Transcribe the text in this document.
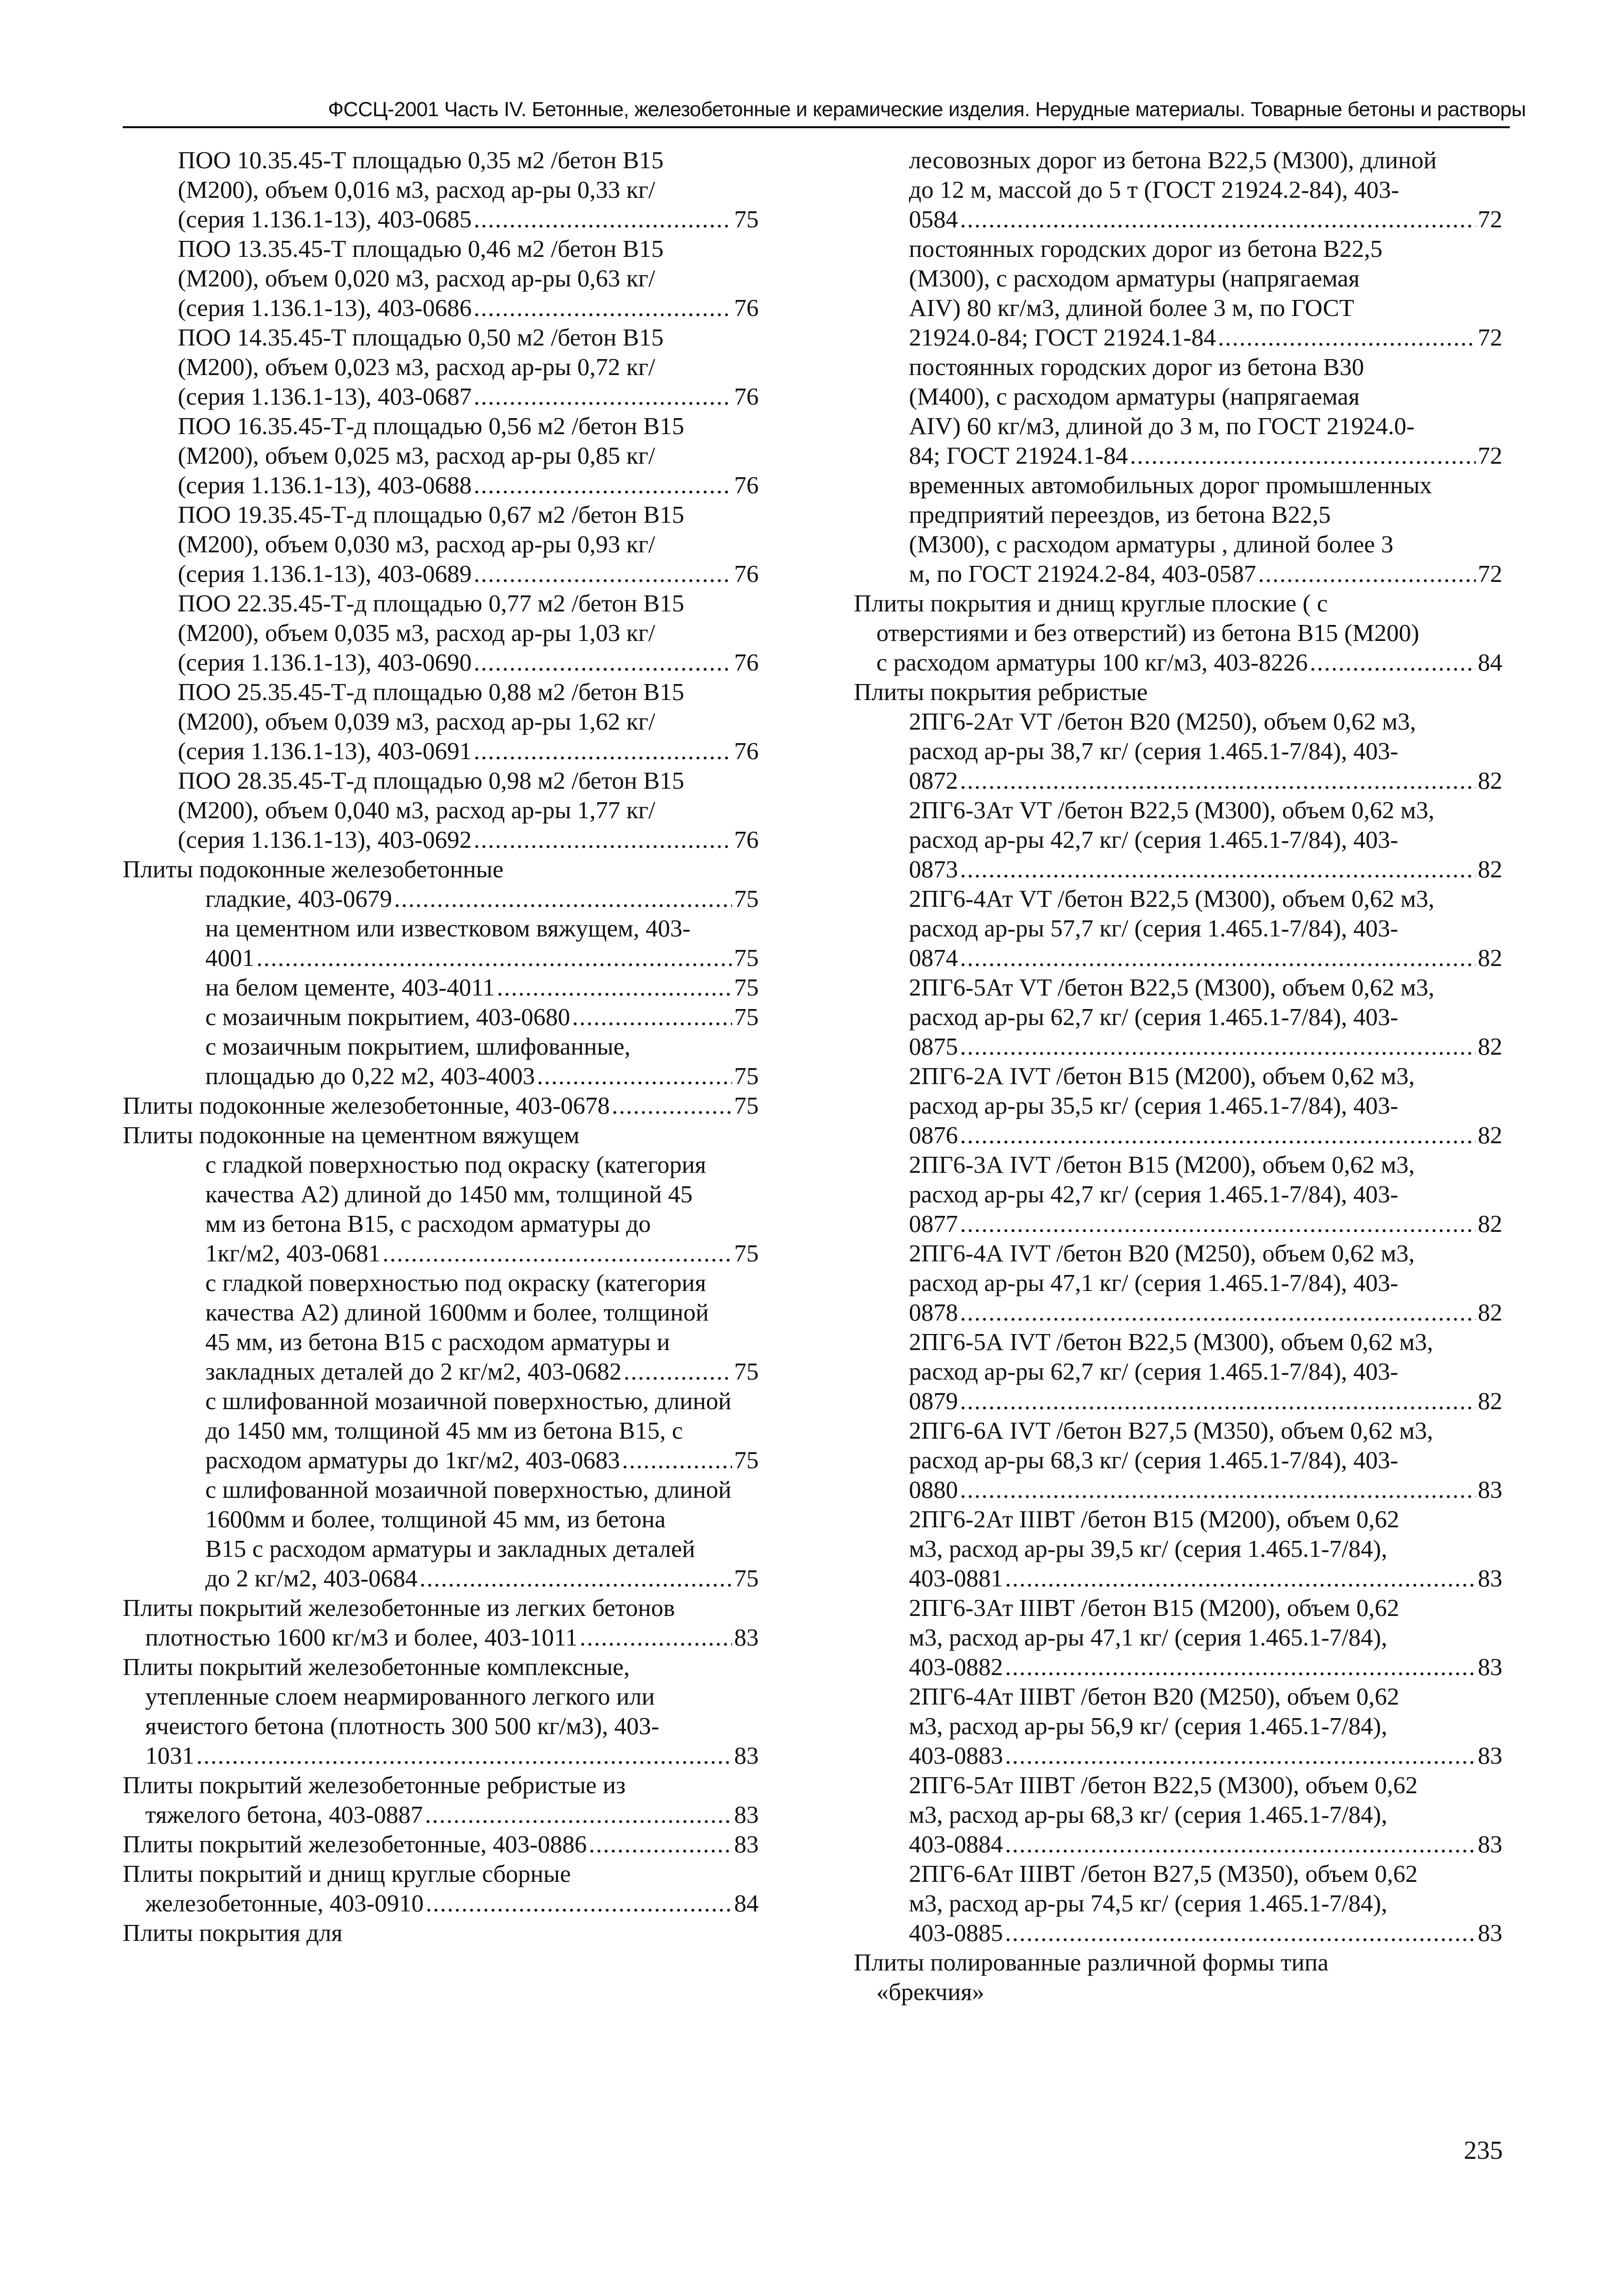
ФССЦ-2001 Часть IV. Бетонные, железобетонные и керамические изделия. Нерудные материалы. Товарные бетоны и растворы
ПОО 10.35.45-Т площадью 0,35 м2 /бетон В15
(М200), объем 0,016 м3, расход ар-ры 0,33 кг/
(серия 1.136.1-13), 403-0685 .....	75
ПОО 13.35.45-Т площадью 0,46 м2 /бетон В15
(М200), объем 0,020 м3, расход ар-ры 0,63 кг/
(серия 1.136.1-13), 403-0686 .....	76
ПОО 14.35.45-Т площадью 0,50 м2 /бетон В15
(М200), объем 0,023 м3, расход ар-ры 0,72 кг/
(серия 1.136.1-13), 403-0687 .....	76
ПОО 16.35.45-Т-д площадью 0,56 м2 /бетон В15
(М200), объем 0,025 м3, расход ар-ры 0,85 кг/
(серия 1.136.1-13), 403-0688 .....	76
ПОО 19.35.45-Т-д площадью 0,67 м2 /бетон В15
(М200), объем 0,030 м3, расход ар-ры 0,93 кг/
(серия 1.136.1-13), 403-0689 .....	76
ПОО 22.35.45-Т-д площадью 0,77 м2 /бетон В15
(М200), объем 0,035 м3, расход ар-ры 1,03 кг/
(серия 1.136.1-13), 403-0690 .....	76
ПОО 25.35.45-Т-д площадью 0,88 м2 /бетон В15
(М200), объем 0,039 м3, расход ар-ры 1,62 кг/
(серия 1.136.1-13), 403-0691 .....	76
ПОО 28.35.45-Т-д площадью 0,98 м2 /бетон В15
(М200), объем 0,040 м3, расход ар-ры 1,77 кг/
(серия 1.136.1-13), 403-0692 .....	76
Плиты подоконные железобетонные
гладкие, 403-0679 .....	75
на цементном или известковом вяжущем, 403-
4001 .....	75
на белом цементе, 403-4011 .....	75
с мозаичным покрытием, 403-0680 .....	75
с мозаичным покрытием, шлифованные,
площадью до 0,22 м2, 403-4003 .....	75
Плиты подоконные железобетонные, 403-0678 .....	75
Плиты подоконные на цементном вяжущем
с гладкой поверхностью под окраску (категория
качества А2) длиной до 1450 мм, толщиной 45
мм из бетона В15, с расходом арматуры до
1кг/м2, 403-0681 .....	75
с гладкой поверхностью под окраску (категория
качества А2) длиной 1600мм и более, толщиной
45 мм, из бетона В15 с расходом арматуры и
закладных деталей до 2 кг/м2, 403-0682 .....	75
с шлифованной мозаичной поверхностью, длиной
до 1450 мм, толщиной 45 мм из бетона В15, с
расходом арматуры до 1кг/м2, 403-0683 .....	75
с шлифованной мозаичной поверхностью, длиной
1600мм и более, толщиной 45 мм, из бетона
В15 с расходом арматуры и закладных деталей
до 2 кг/м2, 403-0684 .....	75
Плиты покрытий железобетонные из легких бетонов
плотностью 1600 кг/м3 и более, 403-1011 .....	83
Плиты покрытий железобетонные комплексные,
утепленные слоем неармированного легкого или
ячеистого бетона (плотность 300 500 кг/м3), 403-
1031 .....	83
Плиты покрытий железобетонные ребристые из
тяжелого бетона, 403-0887 .....	83
Плиты покрытий железобетонные, 403-0886 .....	83
Плиты покрытий и днищ круглые сборные
железобетонные, 403-0910 .....	84
Плиты покрытия для
лесовозных дорог из бетона В22,5 (М300), длиной
до 12 м, массой до 5 т (ГОСТ 21924.2-84), 403-
0584 .....	72
постоянных городских дорог из бетона В22,5
(М300), с расходом арматуры (напрягаемая
AIV) 80 кг/м3, длиной более 3 м, по ГОСТ
21924.0-84; ГОСТ 21924.1-84 .....	72
постоянных городских дорог из бетона В30
(М400), с расходом арматуры (напрягаемая
AIV) 60 кг/м3, длиной до 3 м, по ГОСТ 21924.0-
84; ГОСТ 21924.1-84 .....	72
временных автомобильных дорог промышленных
предприятий переездов, из бетона В22,5
(М300), с расходом арматуры , длиной более 3
м, по ГОСТ 21924.2-84, 403-0587 .....	72
Плиты покрытия и днищ круглые плоские ( с
отверстиями и без отверстий) из бетона В15 (М200)
с расходом арматуры 100 кг/м3, 403-8226 .....	84
Плиты покрытия ребристые
2ПГ6-2Ат VT /бетон В20 (М250), объем 0,62 м3,
расход ар-ры 38,7 кг/ (серия 1.465.1-7/84), 403-
0872 .....	82
2ПГ6-3Ат VT /бетон В22,5 (М300), объем 0,62 м3,
расход ар-ры 42,7 кг/ (серия 1.465.1-7/84), 403-
0873 .....	82
2ПГ6-4Ат VT /бетон В22,5 (М300), объем 0,62 м3,
расход ар-ры 57,7 кг/ (серия 1.465.1-7/84), 403-
0874 .....	82
2ПГ6-5Ат VT /бетон В22,5 (М300), объем 0,62 м3,
расход ар-ры 62,7 кг/ (серия 1.465.1-7/84), 403-
0875 .....	82
2ПГ6-2А IVT /бетон В15 (М200), объем 0,62 м3,
расход ар-ры 35,5 кг/ (серия 1.465.1-7/84), 403-
0876 .....	82
2ПГ6-3А IVT /бетон В15 (М200), объем 0,62 м3,
расход ар-ры 42,7 кг/ (серия 1.465.1-7/84), 403-
0877 .....	82
2ПГ6-4А IVT /бетон В20 (М250), объем 0,62 м3,
расход ар-ры 47,1 кг/ (серия 1.465.1-7/84), 403-
0878 .....	82
2ПГ6-5А IVT /бетон В22,5 (М300), объем 0,62 м3,
расход ар-ры 62,7 кг/ (серия 1.465.1-7/84), 403-
0879 .....	82
2ПГ6-6А IVT /бетон В27,5 (М350), объем 0,62 м3,
расход ар-ры 68,3 кг/ (серия 1.465.1-7/84), 403-
0880 .....	83
2ПГ6-2Ат IIIВТ /бетон В15 (М200), объем 0,62
м3, расход ар-ры 39,5 кг/ (серия 1.465.1-7/84),
403-0881 .....	83
2ПГ6-3Ат IIIВТ /бетон В15 (М200), объем 0,62
м3, расход ар-ры 47,1 кг/ (серия 1.465.1-7/84),
403-0882 .....	83
2ПГ6-4Ат IIIВТ /бетон В20 (М250), объем 0,62
м3, расход ар-ры 56,9 кг/ (серия 1.465.1-7/84),
403-0883 .....	83
2ПГ6-5Ат IIIВТ /бетон В22,5 (М300), объем 0,62
м3, расход ар-ры 68,3 кг/ (серия 1.465.1-7/84),
403-0884 .....	83
2ПГ6-6Ат IIIВТ /бетон В27,5 (М350), объем 0,62
м3, расход ар-ры 74,5 кг/ (серия 1.465.1-7/84),
403-0885 .....	83
Плиты полированные различной формы типа
«брекчия»
235
